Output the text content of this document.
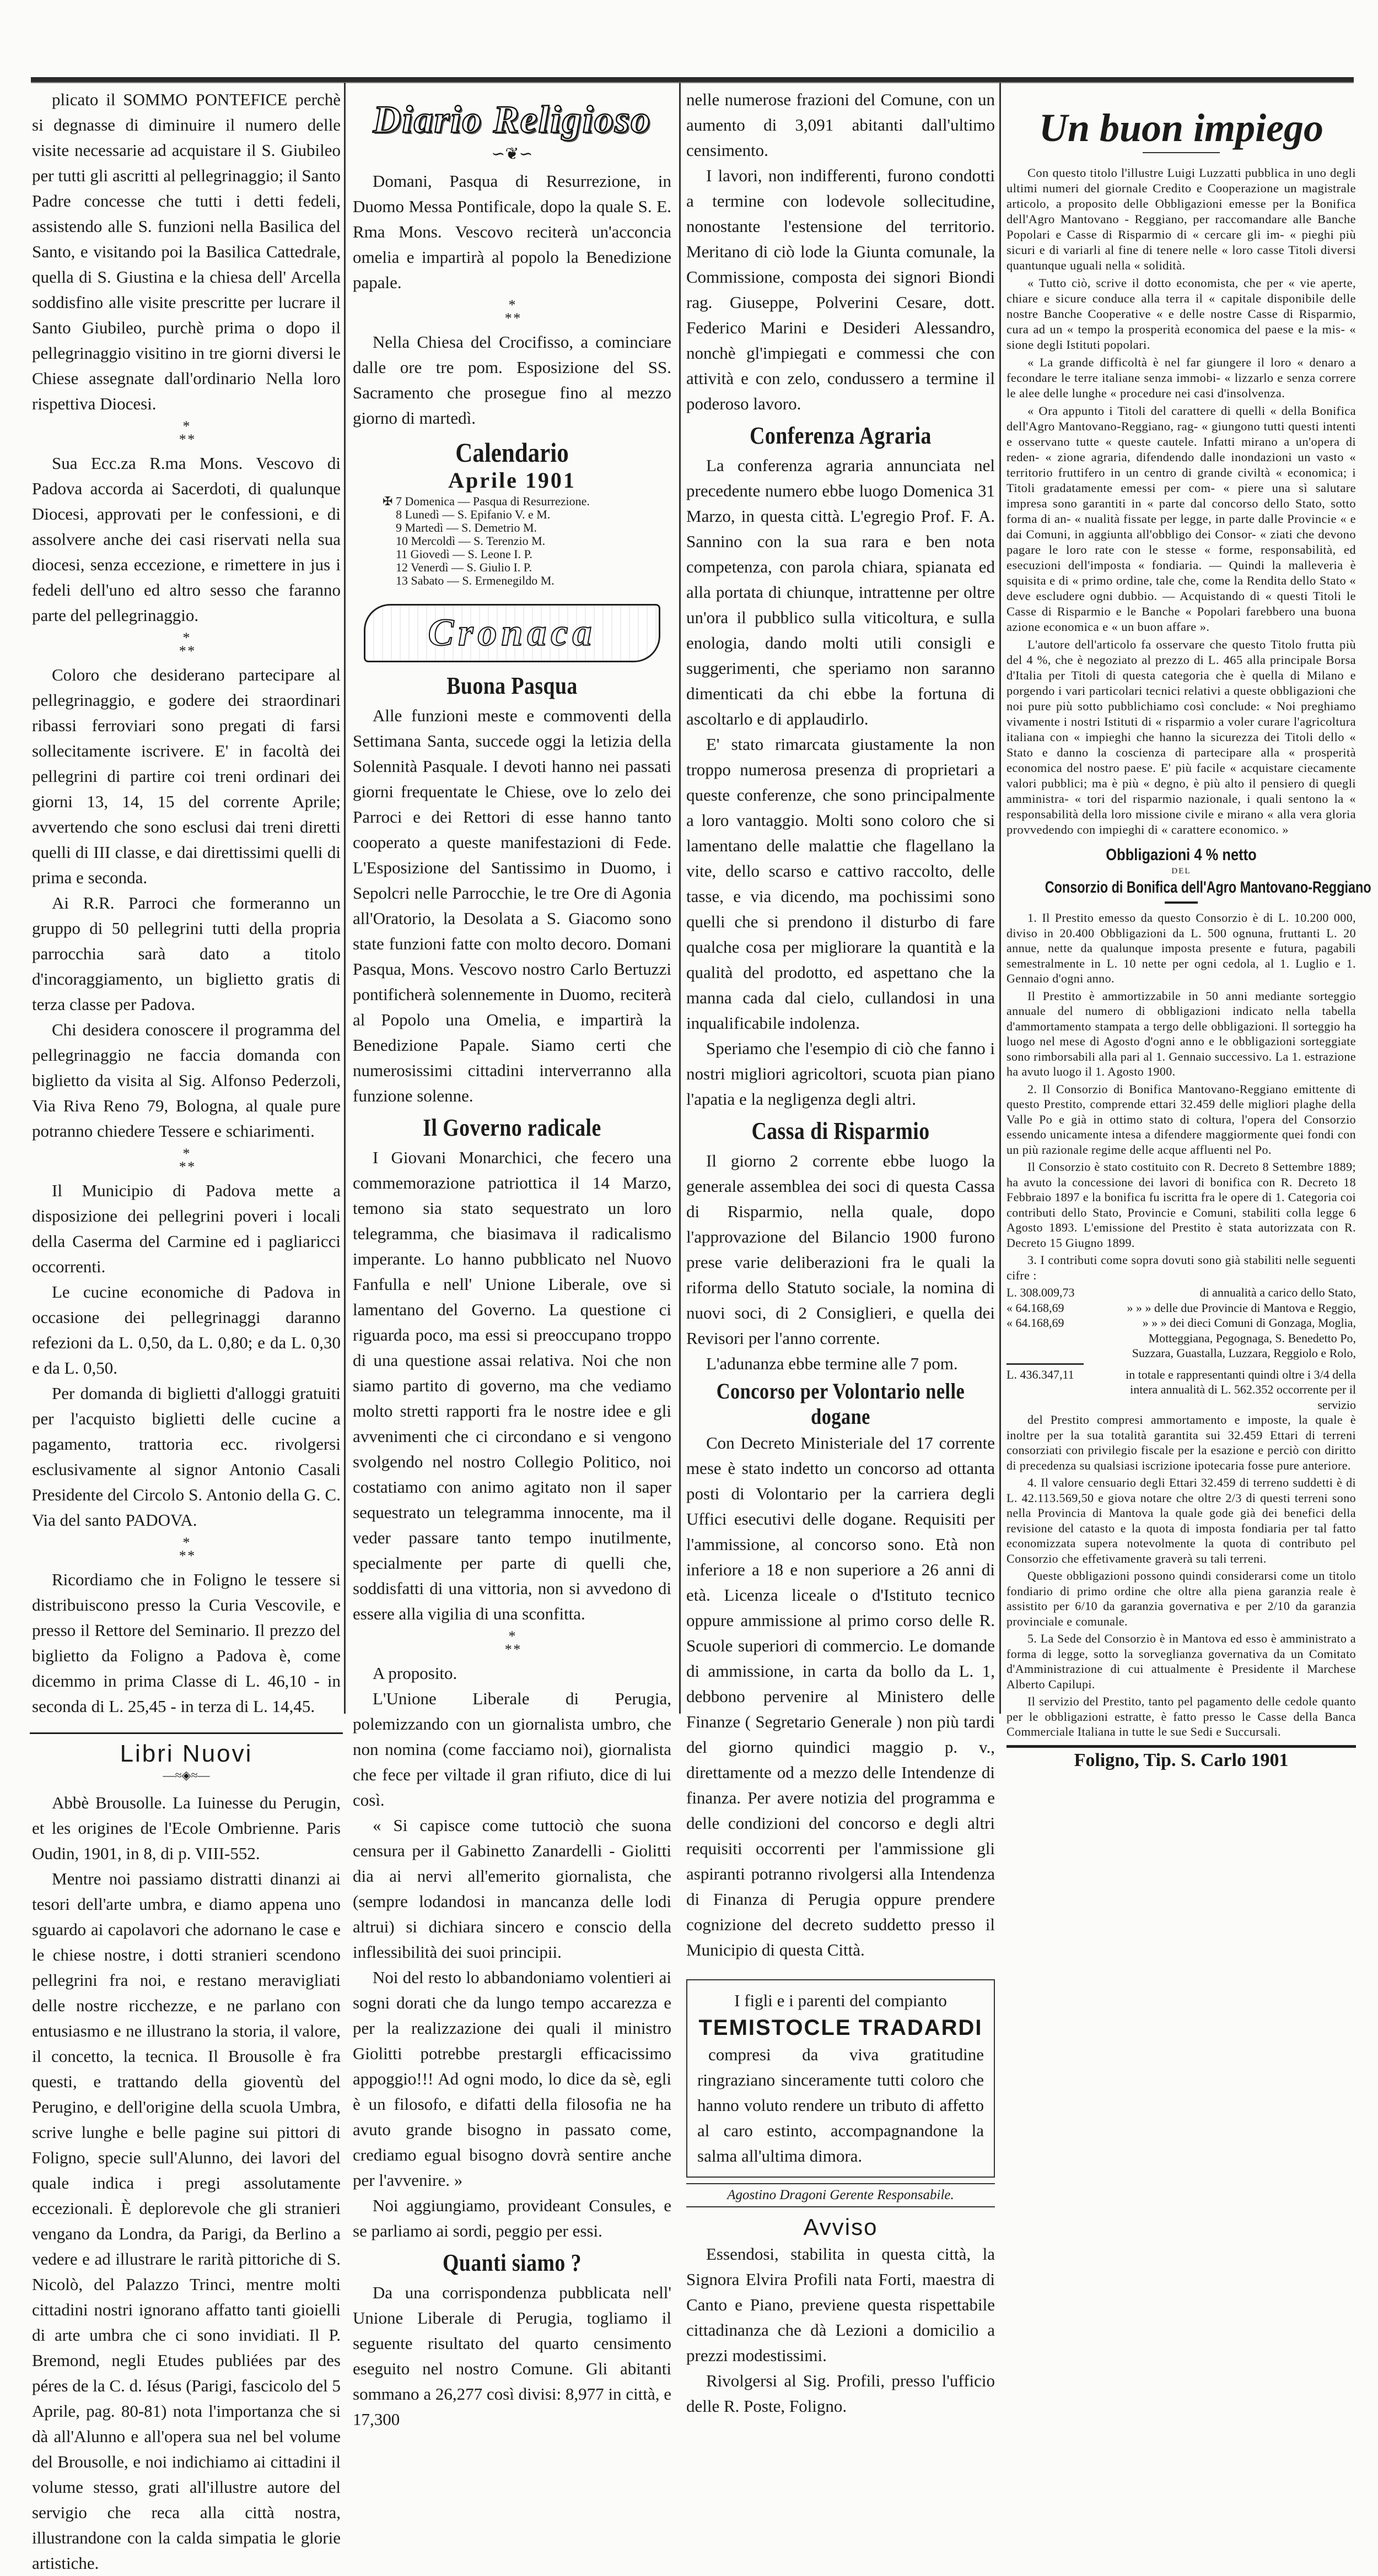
plicato il SOMMO PONTEFICE perchè si degnasse di diminuire il numero delle visite necessarie ad acquistare il S. Giubileo per tutti gli ascritti al pellegrinaggio; il Santo Padre concesse che tutti i detti fedeli, assistendo alle S. funzioni nella Basilica del Santo, e visitando poi la Basilica Cattedrale, quella di S. Giustina e la chiesa dell' Arcella soddisfino alle visite prescritte per lucrare il Santo Giubileo, purchè prima o dopo il pellegrinaggio visitino in tre giorni diversi le Chiese assegnate dall'ordinario Nella loro rispettiva Diocesi.

* * *

Sua Ecc.za R.ma Mons. Vescovo di Padova accorda ai Sacerdoti, di qualunque Diocesi, approvati per le confessioni, e di assolvere anche dei casi riservati nella sua diocesi, senza eccezione, e rimettere in jus i fedeli dell'uno ed altro sesso che faranno parte del pellegrinaggio.

* * *

Coloro che desiderano partecipare al pellegrinaggio, e godere dei straordinari ribassi ferroviari sono pregati di farsi sollecitamente iscrivere. E' in facoltà dei pellegrini di partire coi treni ordinari dei giorni 13, 14, 15 del corrente Aprile; avvertendo che sono esclusi dai treni diretti quelli di III classe, e dai direttissimi quelli di prima e seconda.

Ai R.R. Parroci che formeranno un gruppo di 50 pellegrini tutti della propria parrocchia sarà dato a titolo d'incoraggiamento, un biglietto gratis di terza classe per Padova.

Chi desidera conoscere il programma del pellegrinaggio ne faccia domanda con biglietto da visita al Sig. Alfonso Pederzoli, Via Riva Reno 79, Bologna, al quale pure potranno chiedere Tessere e schiarimenti.

* * *

Il Municipio di Padova mette a disposizione dei pellegrini poveri i locali della Caserma del Carmine ed i pagliaricci occorrenti.

Le cucine economiche di Padova in occasione dei pellegrinaggi daranno refezioni da L. 0,50, da L. 0,80; e da L. 0,30 e da L. 0,50.

Per domanda di biglietti d'alloggi gratuiti per l'acquisto biglietti delle cucine a pagamento, trattoria ecc. rivolgersi esclusivamente al signor Antonio Casali Presidente del Circolo S. Antonio della G. C. Via del santo PADOVA.

* * *

Ricordiamo che in Foligno le tessere si distribuiscono presso la Curia Vescovile, e presso il Rettore del Seminario. Il prezzo del biglietto da Foligno a Padova è, come dicemmo in prima Classe di L. 46,10 - in seconda di L. 25,45 - in terza di L. 14,45.

Libri Nuovi
—≈◈≈—

Abbè Brousolle. La Iuinesse du Perugin, et les origines de l'Ecole Ombrienne. Paris Oudin, 1901, in 8, di p. VIII-552.

Mentre noi passiamo distratti dinanzi ai tesori dell'arte umbra, e diamo appena uno sguardo ai capolavori che adornano le case e le chiese nostre, i dotti stranieri scendono pellegrini fra noi, e restano meravigliati delle nostre ricchezze, e ne parlano con entusiasmo e ne illustrano la storia, il valore, il concetto, la tecnica. Il Brousolle è fra questi, e trattando della gioventù del Perugino, e dell'origine della scuola Umbra, scrive lunghe e belle pagine sui pittori di Foligno, specie sull'Alunno, dei lavori del quale indica i pregi assolutamente eccezionali. È deplorevole che gli stranieri vengano da Londra, da Parigi, da Berlino a vedere e ad illustrare le rarità pittoriche di S. Nicolò, del Palazzo Trinci, mentre molti cittadini nostri ignorano affatto tanti gioielli di arte umbra che ci sono invidiati. Il P. Bremond, negli Etudes publiées par des péres de la C. d. Iésus (Parigi, fascicolo del 5 Aprile, pag. 80-81) nota l'importanza che si dà all'Alunno e all'opera sua nel bel volume del Brousolle, e noi indichiamo ai cittadini il volume stesso, grati all'illustre autore del servigio che reca alla città nostra, illustrandone con la calda simpatia le glorie artistiche.

Diario Religioso
∽❦∽

Domani, Pasqua di Resurrezione, in Duomo Messa Pontificale, dopo la quale S. E. Rma Mons. Vescovo reciterà un'acconcia omelia e impartirà al popolo la Benedizione papale.

* * *

Nella Chiesa del Crocifisso, a cominciare dalle ore tre pom. Esposizione del SS. Sacramento che prosegue fino al mezzo giorno di martedì.

Calendario
Aprile 1901
✠ 7 Domenica — Pasqua di Resurrezione.
8 Lunedì — S. Epifanio V. e M.
9 Martedì — S. Demetrio M.
10 Mercoldì — S. Terenzio M.
11 Giovedì — S. Leone I. P.
12 Venerdì — S. Giulio I. P.
13 Sabato — S. Ermenegildo M.
Cronaca
Buona Pasqua

Alle funzioni meste e commoventi della Settimana Santa, succede oggi la letizia della Solennità Pasquale. I devoti hanno nei passati giorni frequentate le Chiese, ove lo zelo dei Parroci e dei Rettori di esse hanno tanto cooperato a queste manifestazioni di Fede. L'Esposizione del Santissimo in Duomo, i Sepolcri nelle Parrocchie, le tre Ore di Agonia all'Oratorio, la Desolata a S. Giacomo sono state funzioni fatte con molto decoro. Domani Pasqua, Mons. Vescovo nostro Carlo Bertuzzi pontificherà solennemente in Duomo, reciterà al Popolo una Omelia, e impartirà la Benedizione Papale. Siamo certi che numerosissimi cittadini interverranno alla funzione solenne.

Il Governo radicale

I Giovani Monarchici, che fecero una commemorazione patriottica il 14 Marzo, temono sia stato sequestrato un loro telegramma, che biasimava il radicalismo imperante. Lo hanno pubblicato nel Nuovo Fanfulla e nell' Unione Liberale, ove si lamentano del Governo. La questione ci riguarda poco, ma essi si preoccupano troppo di una questione assai relativa. Noi che non siamo partito di governo, ma che vediamo molto stretti rapporti fra le nostre idee e gli avvenimenti che ci circondano e si vengono svolgendo nel nostro Collegio Politico, noi costatiamo con animo agitato non il saper sequestrato un telegramma innocente, ma il veder passare tanto tempo inutilmente, specialmente per parte di quelli che, soddisfatti di una vittoria, non si avvedono di essere alla vigilia di una sconfitta.

* * *

A proposito.

L'Unione Liberale di Perugia, polemizzando con un giornalista umbro, che non nomina (come facciamo noi), giornalista che fece per viltade il gran rifiuto, dice di lui così.

« Si capisce come tuttociò che suona censura per il Gabinetto Zanardelli - Giolitti dia ai nervi all'emerito giornalista, che (sempre lodandosi in mancanza delle lodi altrui) si dichiara sincero e conscio della inflessibilità dei suoi principii.

Noi del resto lo abbandoniamo volentieri ai sogni dorati che da lungo tempo accarezza e per la realizzazione dei quali il ministro Giolitti potrebbe prestargli efficacissimo appoggio!!! Ad ogni modo, lo dice da sè, egli è un filosofo, e difatti della filosofia ne ha avuto grande bisogno in passato come, crediamo egual bisogno dovrà sentire anche per l'avvenire. »

Noi aggiungiamo, provideant Consules, e se parliamo ai sordi, peggio per essi.

Quanti siamo ?

Da una corrispondenza pubblicata nell' Unione Liberale di Perugia, togliamo il seguente risultato del quarto censimento eseguito nel nostro Comune. Gli abitanti sommano a 26,277 così divisi: 8,977 in città, e 17,300

nelle numerose frazioni del Comune, con un aumento di 3,091 abitanti dall'ultimo censimento.

I lavori, non indifferenti, furono condotti a termine con lodevole sollecitudine, nonostante l'estensione del territorio. Meritano di ciò lode la Giunta comunale, la Commissione, composta dei signori Biondi rag. Giuseppe, Polverini Cesare, dott. Federico Marini e Desideri Alessandro, nonchè gl'impiegati e commessi che con attività e con zelo, condussero a termine il poderoso lavoro.

Conferenza Agraria

La conferenza agraria annunciata nel precedente numero ebbe luogo Domenica 31 Marzo, in questa città. L'egregio Prof. F. A. Sannino con la sua rara e ben nota competenza, con parola chiara, spianata ed alla portata di chiunque, intrattenne per oltre un'ora il pubblico sulla viticoltura, e sulla enologia, dando molti utili consigli e suggerimenti, che speriamo non saranno dimenticati da chi ebbe la fortuna di ascoltarlo e di applaudirlo.

E' stato rimarcata giustamente la non troppo numerosa presenza di proprietari a queste conferenze, che sono principalmente a loro vantaggio. Molti sono coloro che si lamentano delle malattie che flagellano la vite, dello scarso e cattivo raccolto, delle tasse, e via dicendo, ma pochissimi sono quelli che si prendono il disturbo di fare qualche cosa per migliorare la quantità e la qualità del prodotto, ed aspettano che la manna cada dal cielo, cullandosi in una inqualificabile indolenza.

Speriamo che l'esempio di ciò che fanno i nostri migliori agricoltori, scuota pian piano l'apatia e la negligenza degli altri.

Cassa di Risparmio

Il giorno 2 corrente ebbe luogo la generale assemblea dei soci di questa Cassa di Risparmio, nella quale, dopo l'approvazione del Bilancio 1900 furono prese varie deliberazioni fra le quali la riforma dello Statuto sociale, la nomina di nuovi soci, di 2 Consiglieri, e quella dei Revisori per l'anno corrente.

L'adunanza ebbe termine alle 7 pom.

Concorso per Volontario nelle dogane

Con Decreto Ministeriale del 17 corrente mese è stato indetto un concorso ad ottanta posti di Volontario per la carriera degli Uffici esecutivi delle dogane. Requisiti per l'ammissione, al concorso sono. Età non inferiore a 18 e non superiore a 26 anni di età. Licenza liceale o d'Istituto tecnico oppure ammissione al primo corso delle R. Scuole superiori di commercio. Le domande di ammissione, in carta da bollo da L. 1, debbono pervenire al Ministero delle Finanze ( Segretario Generale ) non più tardi del giorno quindici maggio p. v., direttamente od a mezzo delle Intendenze di finanza. Per avere notizia del programma e delle condizioni del concorso e degli altri requisiti occorrenti per l'ammissione gli aspiranti potranno rivolgersi alla Intendenza di Finanza di Perugia oppure prendere cognizione del decreto suddetto presso il Municipio di questa Città.

I figli e i parenti del compianto

TEMISTOCLE TRADARDI

compresi da viva gratitudine ringraziano sinceramente tutti coloro che hanno voluto rendere un tributo di affetto al caro estinto, accompagnandone la salma all'ultima dimora.

Agostino Dragoni Gerente Responsabile.
Avviso

Essendosi, stabilita in questa città, la Signora Elvira Profili nata Forti, maestra di Canto e Piano, previene questa rispettabile cittadinanza che dà Lezioni a domicilio a prezzi modestissimi.

Rivolgersi al Sig. Profili, presso l'ufficio delle R. Poste, Foligno.

Un buon impiego

Con questo titolo l'illustre Luigi Luzzatti pubblica in uno degli ultimi numeri del giornale Credito e Cooperazione un magistrale articolo, a proposito delle Obbligazioni emesse per la Bonifica dell'Agro Mantovano - Reggiano, per raccomandare alle Banche Popolari e Casse di Risparmio di « cercare gli im- « pieghi più sicuri e di variarli al fine di tenere nelle « loro casse Titoli diversi quantunque uguali nella « solidità.

« Tutto ciò, scrive il dotto economista, che per « vie aperte, chiare e sicure conduce alla terra il « capitale disponibile delle nostre Banche Cooperative « e delle nostre Casse di Risparmio, cura ad un « tempo la prosperità economica del paese e la mis- « sione degli Istituti popolari.

« La grande difficoltà è nel far giungere il loro « denaro a fecondare le terre italiane senza immobi- « lizzarlo e senza correre le alee delle lunghe « procedure nei casi d'insolvenza.

« Ora appunto i Titoli del carattere di quelli « della Bonifica dell'Agro Mantovano-Reggiano, rag- « giungono tutti questi intenti e osservano tutte « queste cautele. Infatti mirano a un'opera di reden- « zione agraria, difendendo dalle inondazioni un vasto « territorio fruttifero in un centro di grande civiltà « economica; i Titoli gradatamente emessi per com- « piere una sì salutare impresa sono garantiti in « parte dal concorso dello Stato, sotto forma di an- « nualità fissate per legge, in parte dalle Provincie « e dai Comuni, in aggiunta all'obbligo dei Consor- « ziati che devono pagare le loro rate con le stesse « forme, responsabilità, ed esecuzioni dell'imposta « fondiaria. — Quindi la malleveria è squisita e di « primo ordine, tale che, come la Rendita dello Stato « deve escludere ogni dubbio. — Acquistando di « questi Titoli le Casse di Risparmio e le Banche « Popolari farebbero una buona azione economica e « un buon affare ».

L'autore dell'articolo fa osservare che questo Titolo frutta più del 4 %, che è negoziato al prezzo di L. 465 alla principale Borsa d'Italia per Titoli di questa categoria che è quella di Milano e porgendo i vari particolari tecnici relativi a queste obbligazioni che noi pure più sotto pubblichiamo così conclude: « Noi preghiamo vivamente i nostri Istituti di « risparmio a voler curare l'agricoltura italiana con « impieghi che hanno la sicurezza dei Titoli dello « Stato e danno la coscienza di partecipare alla « prosperità economica del nostro paese. E' più facile « acquistare ciecamente valori pubblici; ma è più « degno, è più alto il pensiero di quegli amministra- « tori del risparmio nazionale, i quali sentono la « responsabilità della loro missione civile e mirano « alla vera gloria provvedendo con impieghi di « carattere economico. »

Obbligazioni 4 % netto
DEL
Consorzio di Bonifica dell'Agro Mantovano-Reggiano

1. Il Prestito emesso da questo Consorzio è di L. 10.200 000, diviso in 20.400 Obbligazioni da L. 500 ognuna, fruttanti L. 20 annue, nette da qualunque imposta presente e futura, pagabili semestralmente in L. 10 nette per ogni cedola, al 1. Luglio e 1. Gennaio d'ogni anno.

Il Prestito è ammortizzabile in 50 anni mediante sorteggio annuale del numero di obbligazioni indicato nella tabella d'ammortamento stampata a tergo delle obbligazioni. Il sorteggio ha luogo nel mese di Agosto d'ogni anno e le obbligazioni sorteggiate sono rimborsabili alla pari al 1. Gennaio successivo. La 1. estrazione ha avuto luogo il 1. Agosto 1900.

2. Il Consorzio di Bonifica Mantovano-Reggiano emittente di questo Prestito, comprende ettari 32.459 delle migliori plaghe della Valle Po e già in ottimo stato di coltura, l'opera del Consorzio essendo unicamente intesa a difendere maggiormente quei fondi con un più razionale regime delle acque affluenti nel Po.

Il Consorzio è stato costituito con R. Decreto 8 Settembre 1889; ha avuto la concessione dei lavori di bonifica con R. Decreto 18 Febbraio 1897 e la bonifica fu iscritta fra le opere di 1. Categoria coi contributi dello Stato, Provincie e Comuni, stabiliti colla legge 6 Agosto 1893. L'emissione del Prestito è stata autorizzata con R. Decreto 15 Giugno 1899.

3. I contributi come sopra dovuti sono già stabiliti nelle seguenti cifre :

L. 308.009,73	di annualità a carico dello Stato,
« 64.168,69	» » » delle due Provincie di Mantova e Reggio,
« 64.168,69	» » » dei dieci Comuni di Gonzaga, Moglia, Motteggiana, Pegognaga, S. Benedetto Po, Suzzara, Guastalla, Luzzara, Reggiolo e Rolo,
L. 436.347,11	in totale e rappresentanti quindi oltre i 3/4 della intera annualità di L. 562.352 occorrente per il servizio

del Prestito compresi ammortamento e imposte, la quale è inoltre per la sua totalità garantita sui 32.459 Ettari di terreni consorziati con privilegio fiscale per la esazione e perciò con diritto di precedenza su qualsiasi iscrizione ipotecaria fosse pure anteriore.

4. Il valore censuario degli Ettari 32.459 di terreno suddetti è di L. 42.113.569,50 e giova notare che oltre 2/3 di questi terreni sono nella Provincia di Mantova la quale gode già dei benefici della revisione del catasto e la quota di imposta fondiaria per tal fatto economizzata supera notevolmente la quota di contributo pel Consorzio che effetivamente graverà su tali terreni.

Queste obbligazioni possono quindi considerarsi come un titolo fondiario di primo ordine che oltre alla piena garanzia reale è assistito per 6/10 da garanzia governativa e per 2/10 da garanzia provinciale e comunale.

5. La Sede del Consorzio è in Mantova ed esso è amministrato a forma di legge, sotto la sorveglianza governativa da un Comitato d'Amministrazione di cui attualmente è Presidente il Marchese Alberto Capilupi.

Il servizio del Prestito, tanto pel pagamento delle cedole quanto per le obbligazioni estratte, è fatto presso le Casse della Banca Commerciale Italiana in tutte le sue Sedi e Succursali.

Foligno, Tip. S. Carlo 1901
